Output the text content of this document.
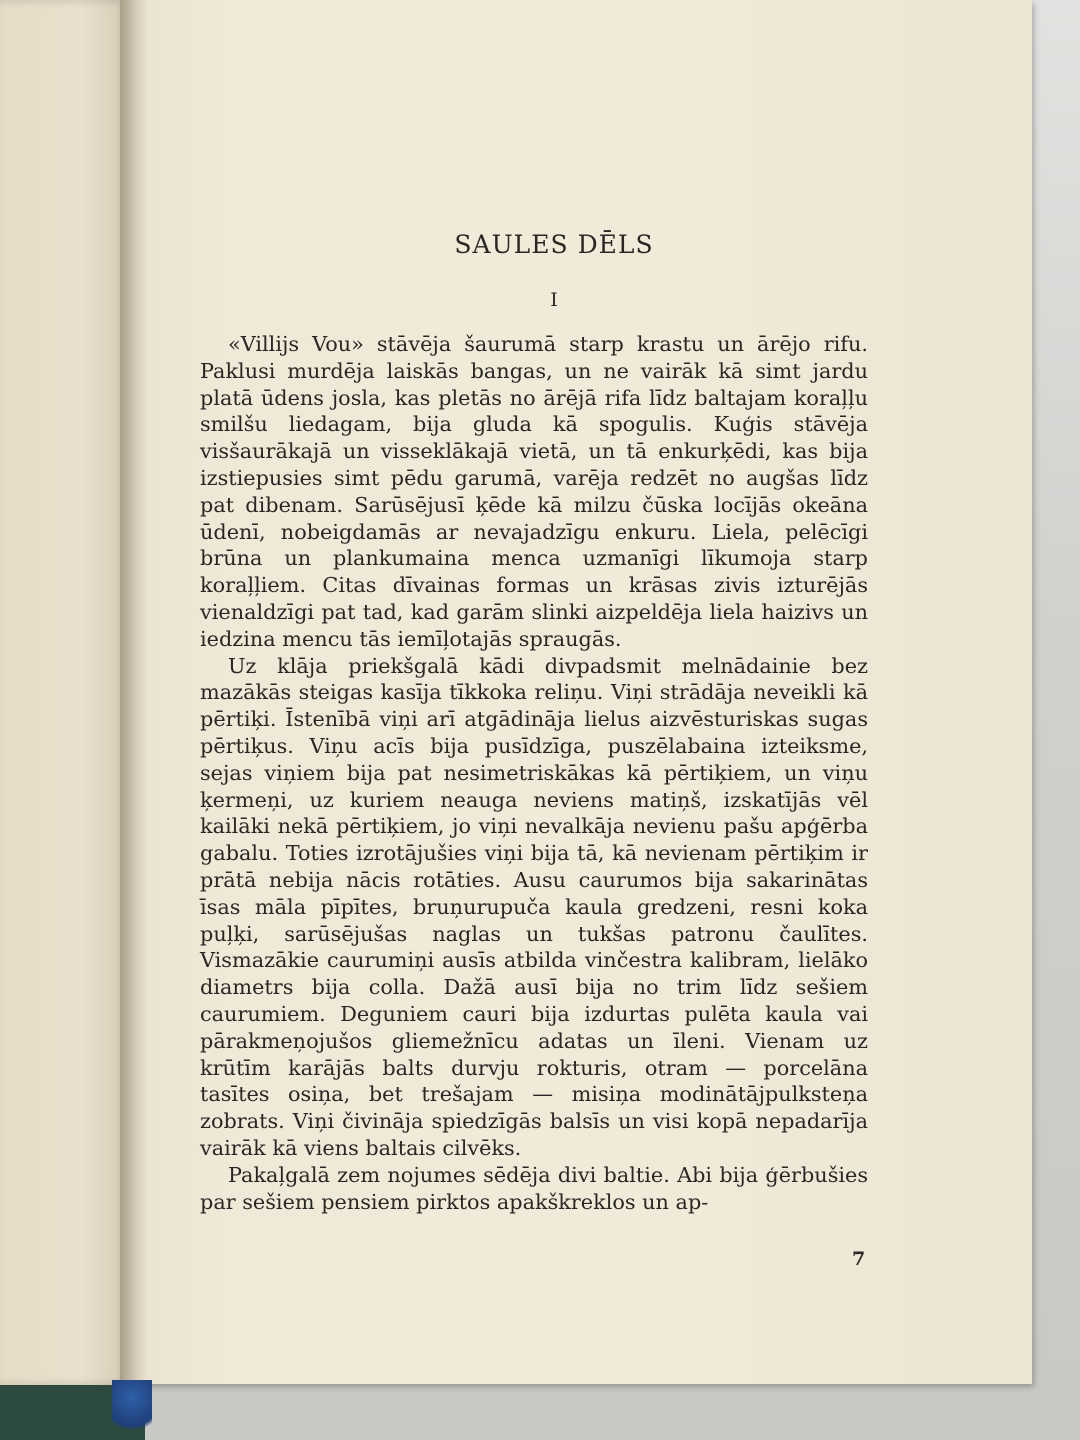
SAULES DĒLS
I

«Villijs Vou» stāvēja šaurumā starp krastu un ārējo rifu. Paklusi murdēja laiskās bangas, un ne vairāk kā simt jardu platā ūdens josla, kas pletās no ārējā rifa līdz baltajam koraļļu smilšu liedagam, bija gluda kā spogulis. Kuģis stāvēja visšaurākajā un visseklākajā vietā, un tā enkurķēdi, kas bija izstiepusies simt pēdu garumā, varēja redzēt no augšas līdz pat dibenam. Sarūsējusī ķēde kā milzu čūska locījās okeāna ūdenī, nobeigdamās ar nevajadzīgu enkuru. Liela, pelēcīgi brūna un plankumaina menca uzmanīgi līkumoja starp koraļļiem. Citas dīvainas formas un krāsas zivis izturējās vienaldzīgi pat tad, kad garām slinki aizpeldēja liela haizivs un iedzina mencu tās iemīļotajās spraugās.

Uz klāja priekšgalā kādi divpadsmit melnādainie bez mazākās steigas kasīja tīkkoka reliņu. Viņi strādāja neveikli kā pērtiķi. Īstenībā viņi arī atgādināja lielus aizvēsturiskas sugas pērtiķus. Viņu acīs bija pusīdzīga, puszēlabaina izteiksme, sejas viņiem bija pat nesimetriskākas kā pērtiķiem, un viņu ķermeņi, uz kuriem neauga neviens matiņš, izskatījās vēl kailāki nekā pērtiķiem, jo viņi nevalkāja nevienu pašu apģērba gabalu. Toties izrotājušies viņi bija tā, kā nevienam pērtiķim ir prātā nebija nācis rotāties. Ausu caurumos bija sakarinātas īsas māla pīpītes, bruņurupuča kaula gredzeni, resni koka puļķi, sarūsējušas naglas un tukšas patronu čaulītes. Vismazākie caurumiņi ausīs atbilda vinčestra kalibram, lielāko diametrs bija colla. Dažā ausī bija no trim līdz sešiem caurumiem. Deguniem cauri bija izdurtas pulēta kaula vai pārakmeņojušos gliemežnīcu adatas un īleni. Vienam uz krūtīm karājās balts durvju rokturis, otram — porcelāna tasītes osiņa, bet trešajam — misiņa modinātājpulksteņa zobrats. Viņi čivināja spiedzīgās balsīs un visi kopā nepadarīja vairāk kā viens baltais cilvēks.

Pakaļgalā zem nojumes sēdēja divi baltie. Abi bija ģērbušies par sešiem pensiem pirktos apakškreklos un ap-

7
